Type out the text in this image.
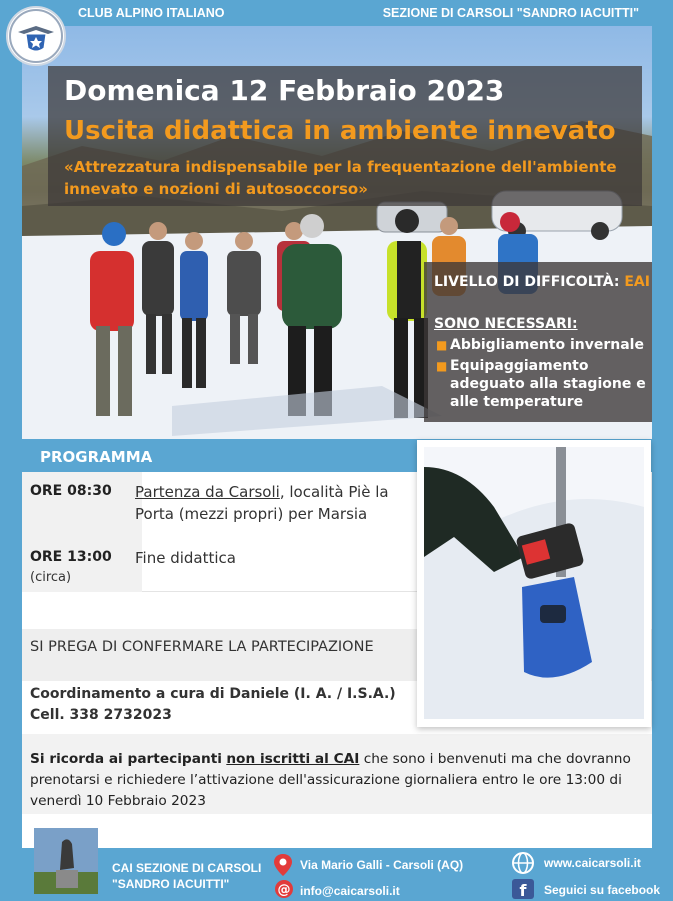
CLUB ALPINO ITALIANO	SEZIONE DI CARSOLI "SANDRO IACUITTI"
Domenica 12 Febbraio 2023
Uscita didattica in ambiente innevato
«Attrezzatura indispensabile per la frequentazione dell'ambiente
innevato e nozioni di autosoccorso»
LIVELLO DI DIFFICOLTÀ: EAI
SONO NECESSARI:
■ Abbigliamento invernale
■ Equipaggiamento adeguato alla stagione e alle temperature
PROGRAMMA
ORE 08:30 Partenza da Carsoli, località Piè la
Porta (mezzi propri) per Marsia
ORE 13:00
(circa)
Fine didattica
SI PREGA DI CONFERMARE LA PARTECIPAZIONE
Coordinamento a cura di Daniele (I. A. / I.S.A.)
Cell. 338 2732023
Si ricorda ai partecipanti non iscritti al CAI che sono i benvenuti ma che dovranno prenotarsi e richiedere l’attivazione dell'assicurazione giornaliera entro le ore 13:00 di venerdì 10 Febbraio 2023
CAI SEZIONE DI CARSOLI
"SANDRO IACUITTI"
Via Mario Galli - Carsoli (AQ)
@ info@caicarsoli.it
www.caicarsoli.it
f Seguici su facebook
